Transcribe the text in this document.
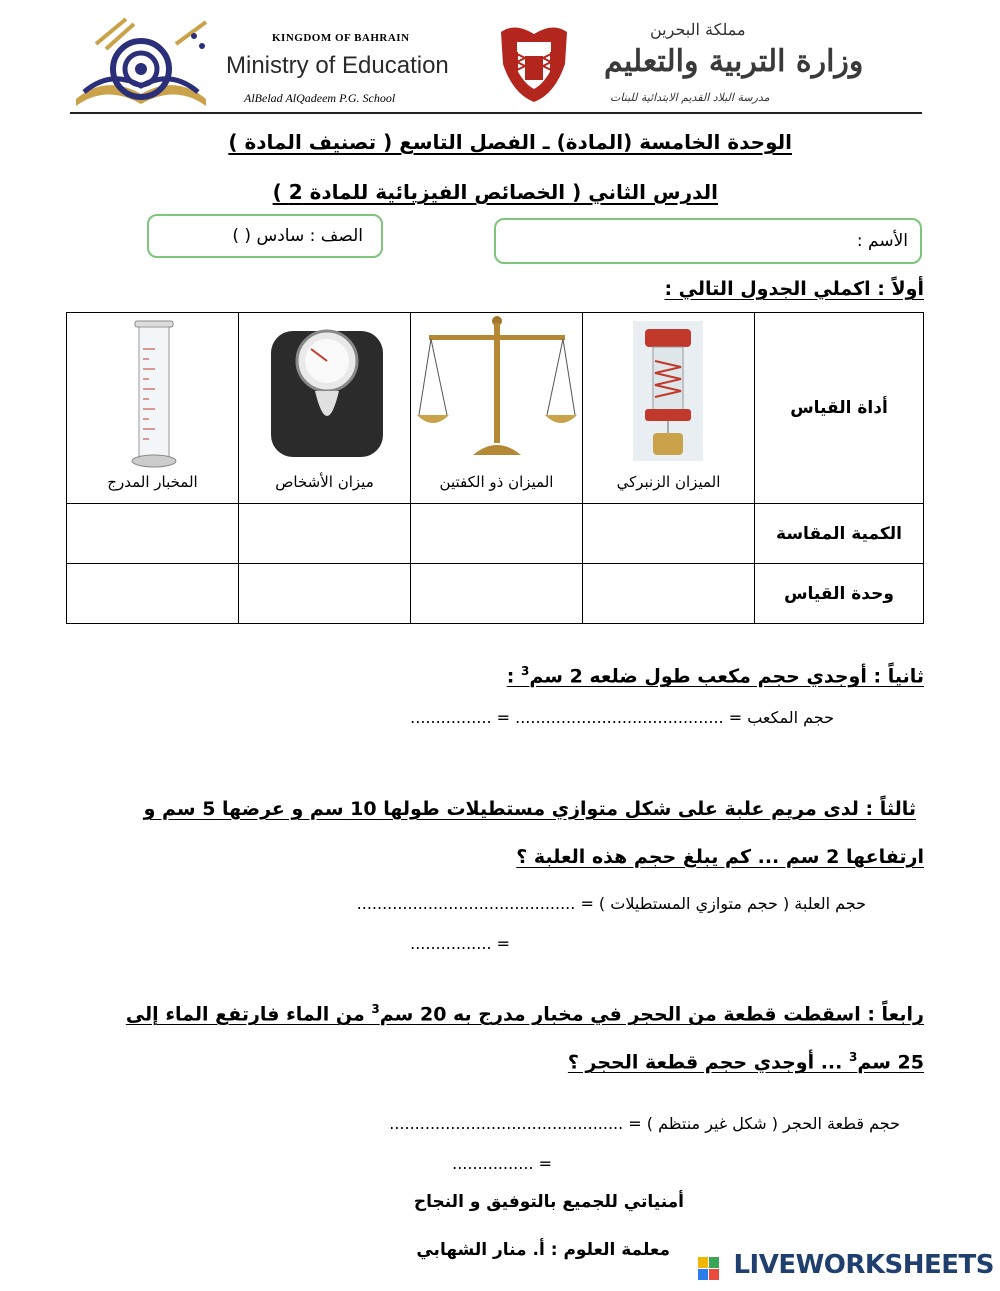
KINGDOM OF BAHRAIN
Ministry of Education
AlBelad AlQadeem P.G. School
مملكة البحرين
وزارة التربية والتعليم
مدرسة البلاد القديم الابتدائية للبنات
الوحدة الخامسة (المادة) ـ الفصل التاسع ( تصنيف المادة )
الدرس الثاني ( الخصائص الفيزيائية للمادة 2 )
الصف : سادس ( )	الأسم :
أولاً : اكملي الجدول التالي :
المخبار المدرج	ميزان الأشخاص	الميزان ذو الكفتين	الميزان الزنبركي	أداة القياس
				الكمية المقاسة
				وحدة القياس
ثانياً : أوجدي حجم مكعب طول ضلعه 2 سم$^3$ :
حجم المكعب = ......................................... = ................
ثالثاً : لدى مريم علبة على شكل متوازي مستطيلات طولها 10 سم و عرضها 5 سم و
ارتفاعها 2 سم ... كم يبلغ حجم هذه العلبة ؟
حجم العلبة ( حجم متوازي المستطيلات ) = ...........................................
= ................
رابعاً : اسقطت قطعة من الحجر في مخبار مدرج به 20 سم$^3$ من الماء فارتفع الماء إلى
25 سم$^3$ ... أوجدي حجم قطعة الحجر ؟
حجم قطعة الحجر ( شكل غير منتظم ) = ..............................................
= ................
أمنياتي للجميع بالتوفيق و النجاح
معلمة العلوم : أ. منار الشهابي LIVEWORKSHEETS
